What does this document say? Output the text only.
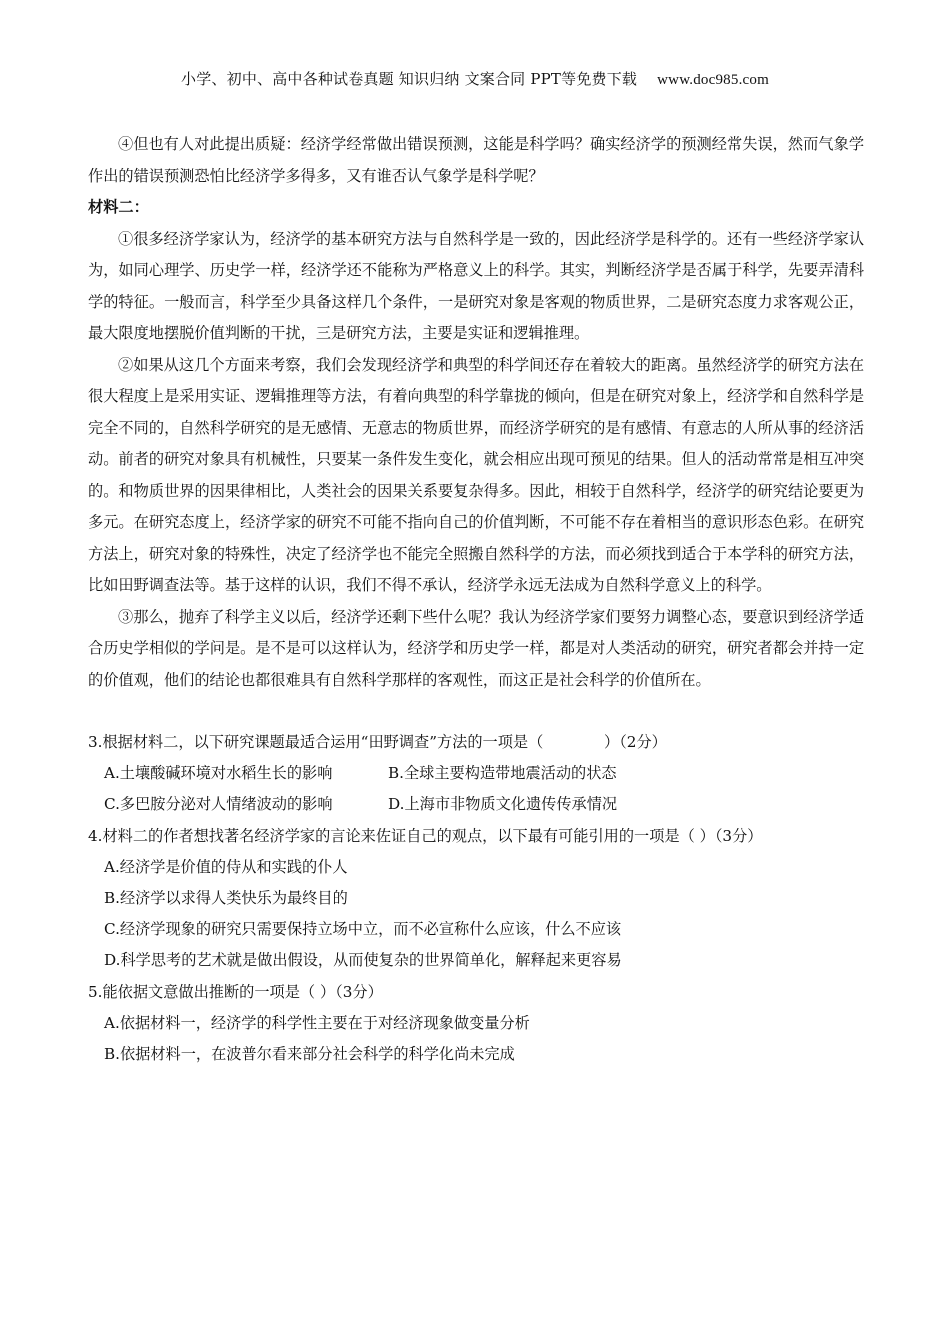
小学、初中、高中各种试卷真题 知识归纳 文案合同 PPT等免费下载 www.doc985.com

④但也有人对此提出质疑：经济学经常做出错误预测，这能是科学吗？确实经济学的预测经常失误，然而气象学作出的错误预测恐怕比经济学多得多，又有谁否认气象学是科学呢？

材料二：

①很多经济学家认为，经济学的基本研究方法与自然科学是一致的，因此经济学是科学的。还有一些经济学家认为，如同心理学、历史学一样，经济学还不能称为严格意义上的科学。其实，判断经济学是否属于科学，先要弄清科学的特征。一般而言，科学至少具备这样几个条件，一是研究对象是客观的物质世界，二是研究态度力求客观公正，最大限度地摆脱价值判断的干扰，三是研究方法，主要是实证和逻辑推理。

②如果从这几个方面来考察，我们会发现经济学和典型的科学间还存在着较大的距离。虽然经济学的研究方法在很大程度上是采用实证、逻辑推理等方法，有着向典型的科学靠拢的倾向，但是在研究对象上，经济学和自然科学是完全不同的，自然科学研究的是无感情、无意志的物质世界，而经济学研究的是有感情、有意志的人所从事的经济活动。前者的研究对象具有机械性，只要某一条件发生变化，就会相应出现可预见的结果。但人的活动常常是相互冲突的。和物质世界的因果律相比，人类社会的因果关系要复杂得多。因此，相较于自然科学，经济学的研究结论要更为多元。在研究态度上，经济学家的研究不可能不指向自己的价值判断，不可能不存在着相当的意识形态色彩。在研究方法上，研究对象的特殊性，决定了经济学也不能完全照搬自然科学的方法，而必须找到适合于本学科的研究方法，比如田野调查法等。基于这样的认识，我们不得不承认，经济学永远无法成为自然科学意义上的科学。

③那么，抛弃了科学主义以后，经济学还剩下些什么呢？我认为经济学家们要努力调整心态，要意识到经济学适合历史学相似的学问是。是不是可以这样认为，经济学和历史学一样，都是对人类活动的研究，研究者都会并持一定的价值观，他们的结论也都很难具有自然科学那样的客观性，而这正是社会科学的价值所在。

3.根据材料二，以下研究课题最适合运用“田野调查”方法的一项是（　　　　）（2分）

A.土壤酸碱环境对水稻生长的影响	B.全球主要构造带地震活动的状态
C.多巴胺分泌对人情绪波动的影响	D.上海市非物质文化遗传传承情况

4.材料二的作者想找著名经济学家的言论来佐证自己的观点，以下最有可能引用的一项是（ ）（3分）

A.经济学是价值的侍从和实践的仆人

B.经济学以求得人类快乐为最终目的

C.经济学现象的研究只需要保持立场中立，而不必宣称什么应该，什么不应该

D.科学思考的艺术就是做出假设，从而使复杂的世界简单化，解释起来更容易

5.能依据文意做出推断的一项是（ ）（3分）

A.依据材料一，经济学的科学性主要在于对经济现象做变量分析

B.依据材料一，在波普尔看来部分社会科学的科学化尚未完成
